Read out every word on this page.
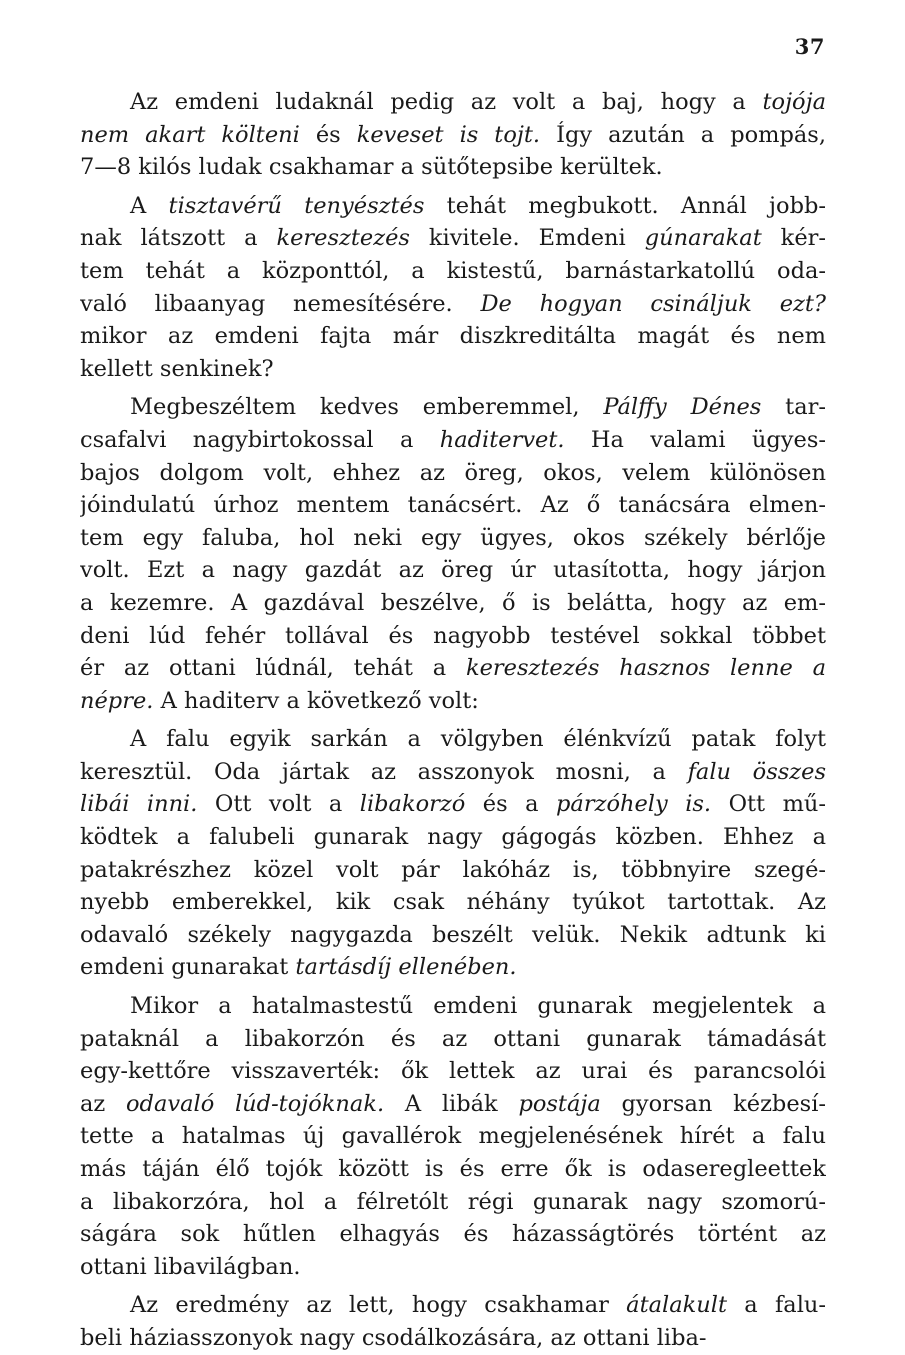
37
Az emdeni ludaknál pedig az volt a baj, hogy a tojója
nem akart költeni és keveset is tojt. Így azután a pompás,
7—8 kilós ludak csakhamar a sütőtepsibe kerültek.
A tisztavérű tenyésztés tehát megbukott. Annál jobb-
nak látszott a keresztezés kivitele. Emdeni gúnarakat kér-
tem tehát a központtól, a kistestű, barnástarkatollú oda-
való libaanyag nemesítésére. De hogyan csináljuk ezt?
mikor az emdeni fajta már diszkreditálta magát és nem
kellett senkinek?
Megbeszéltem kedves emberemmel, Pálffy Dénes tar-
csafalvi nagybirtokossal a haditervet. Ha valami ügyes-
bajos dolgom volt, ehhez az öreg, okos, velem különösen
jóindulatú úrhoz mentem tanácsért. Az ő tanácsára elmen-
tem egy faluba, hol neki egy ügyes, okos székely bérlője
volt. Ezt a nagy gazdát az öreg úr utasította, hogy járjon
a kezemre. A gazdával beszélve, ő is belátta, hogy az em-
deni lúd fehér tollával és nagyobb testével sokkal többet
ér az ottani lúdnál, tehát a keresztezés hasznos lenne a
népre. A haditerv a következő volt:
A falu egyik sarkán a völgyben élénkvízű patak folyt
keresztül. Oda jártak az asszonyok mosni, a falu összes
libái inni. Ott volt a libakorzó és a párzóhely is. Ott mű-
ködtek a falubeli gunarak nagy gágogás közben. Ehhez a
patakrészhez közel volt pár lakóház is, többnyire szegé-
nyebb emberekkel, kik csak néhány tyúkot tartottak. Az
odavaló székely nagygazda beszélt velük. Nekik adtunk ki
emdeni gunarakat tartásdíj ellenében.
Mikor a hatalmastestű emdeni gunarak megjelentek a
pataknál a libakorzón és az ottani gunarak támadását
egy-kettőre visszaverték: ők lettek az urai és parancsolói
az odavaló lúd-tojóknak. A libák postája gyorsan kézbesí-
tette a hatalmas új gavallérok megjelenésének hírét a falu
más táján élő tojók között is és erre ők is odaseregleettek
a libakorzóra, hol a félretólt régi gunarak nagy szomorú-
ságára sok hűtlen elhagyás és házasságtörés történt az
ottani libavilágban.
Az eredmény az lett, hogy csakhamar átalakult a falu-
beli háziasszonyok nagy csodálkozására, az ottani liba-
